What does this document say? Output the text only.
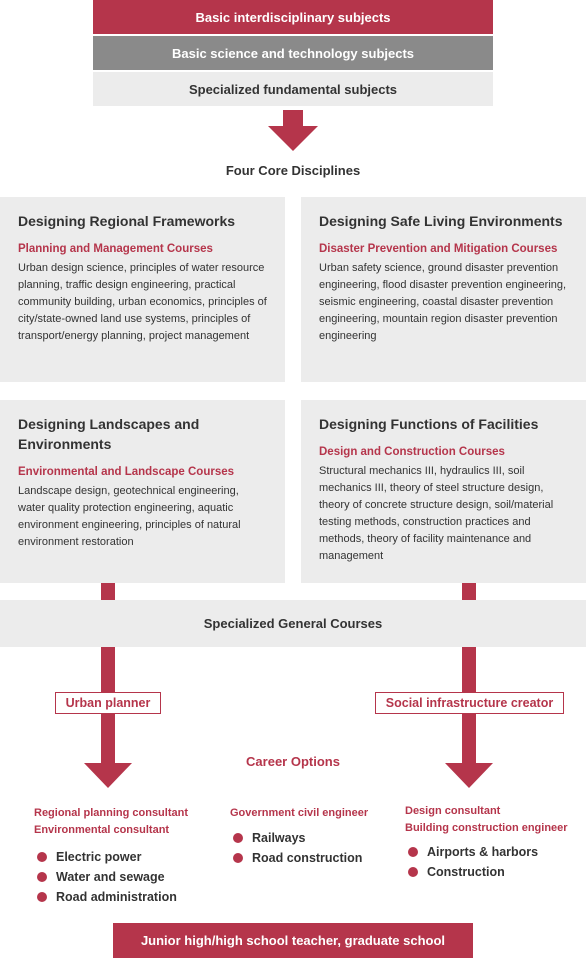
Basic interdisciplinary subjects
Basic science and technology subjects
Specialized fundamental subjects
Four Core Disciplines
Designing Regional Frameworks
Planning and Management Courses

Urban design science, principles of water resource planning, traffic design engineering, practical community building, urban economics, principles of city/state-owned land use systems, principles of transport/energy planning, project management

Designing Safe Living Environments
Disaster Prevention and Mitigation Courses

Urban safety science, ground disaster prevention engineering, flood disaster prevention engineering, seismic engineering, coastal disaster prevention engineering, mountain region disaster prevention engineering

Designing Landscapes and Environments
Environmental and Landscape Courses

Landscape design, geotechnical engineering, water quality protection engineering, aquatic environment engineering, principles of natural environment restoration

Designing Functions of Facilities
Design and Construction Courses

Structural mechanics III, hydraulics III, soil mechanics III, theory of steel structure design, theory of concrete structure design, soil/material testing methods, construction practices and methods, theory of facility maintenance and management

Specialized General Courses
Urban planner	Social infrastructure creator
Career Options
Regional planning consultant
Environmental consultant
Electric power
Water and sewage
Road administration
Government civil engineer
Railways
Road construction
Design consultant
Building construction engineer
Airports & harbors
Construction
Junior high/high school teacher, graduate school
